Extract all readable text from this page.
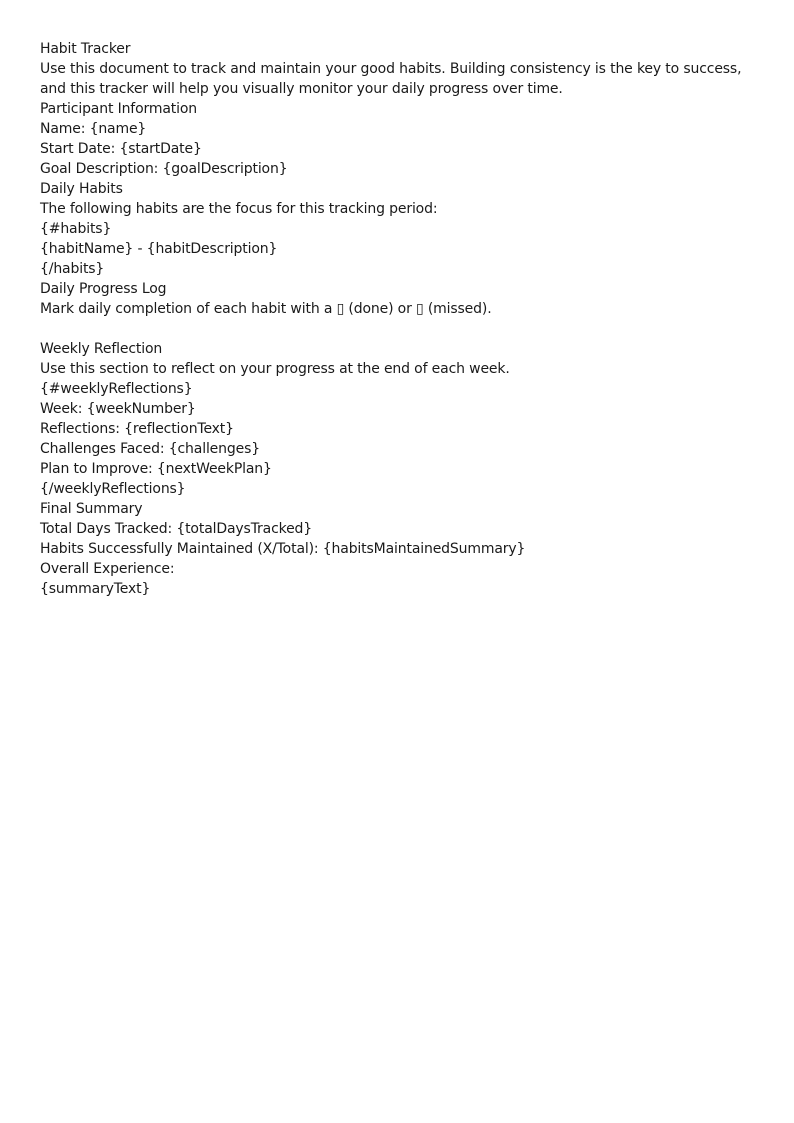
Habit Tracker
Use this document to track and maintain your good habits. Building consistency is the key to success, and this tracker will help you visually monitor your daily progress over time.
Participant Information
Name: {name}
Start Date: {startDate}
Goal Description: {goalDescription}
Daily Habits
The following habits are the focus for this tracking period:
{#habits}
{habitName} - {habitDescription}
{/habits}
Daily Progress Log
Mark daily completion of each habit with a ▯ (done) or ▯ (missed).
Weekly Reflection
Use this section to reflect on your progress at the end of each week.
{#weeklyReflections}
Week: {weekNumber}
Reflections: {reflectionText}
Challenges Faced: {challenges}
Plan to Improve: {nextWeekPlan}
{/weeklyReflections}
Final Summary
Total Days Tracked: {totalDaysTracked}
Habits Successfully Maintained (X/Total): {habitsMaintainedSummary}
Overall Experience:
{summaryText}
